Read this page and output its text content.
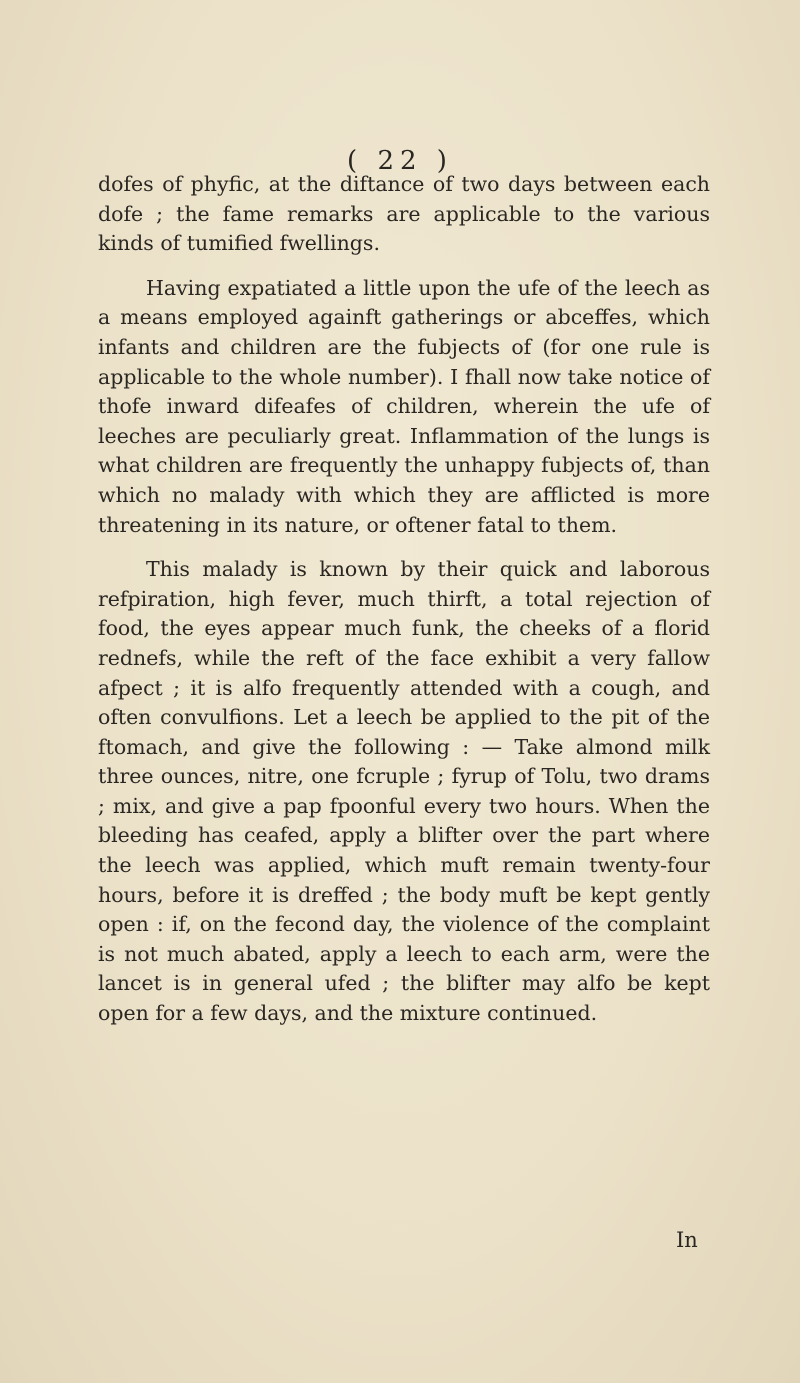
( 22 )

dofes of phyfic, at the diftance of two days between each dofe ; the fame remarks are applicable to the various kinds of tumified fwellings.

Having expatiated a little upon the ufe of the leech as a means employed againft gatherings or abceffes, which infants and children are the fubjects of (for one rule is applicable to the whole number). I fhall now take notice of thofe inward difeafes of children, wherein the ufe of leeches are peculiarly great. Inflammation of the lungs is what children are frequently the unhappy fubjects of, than which no malady with which they are afflicted is more threatening in its nature, or oftener fatal to them.

This malady is known by their quick and laborous refpiration, high fever, much thirft, a total rejection of food, the eyes appear much funk, the cheeks of a florid rednefs, while the reft of the face exhibit a very fallow afpect ; it is alfo frequently attended with a cough, and often convulfions. Let a leech be applied to the pit of the ftomach, and give the following : — Take almond milk three ounces, nitre, one fcruple ; fyrup of Tolu, two drams ; mix, and give a pap fpoonful every two hours. When the bleeding has ceafed, apply a blifter over the part where the leech was applied, which muft remain twenty-four hours, before it is dreffed ; the body muft be kept gently open : if, on the fecond day, the violence of the complaint is not much abated, apply a leech to each arm, were the lancet is in general ufed ; the blifter may alfo be kept open for a few days, and the mixture continued.

In
